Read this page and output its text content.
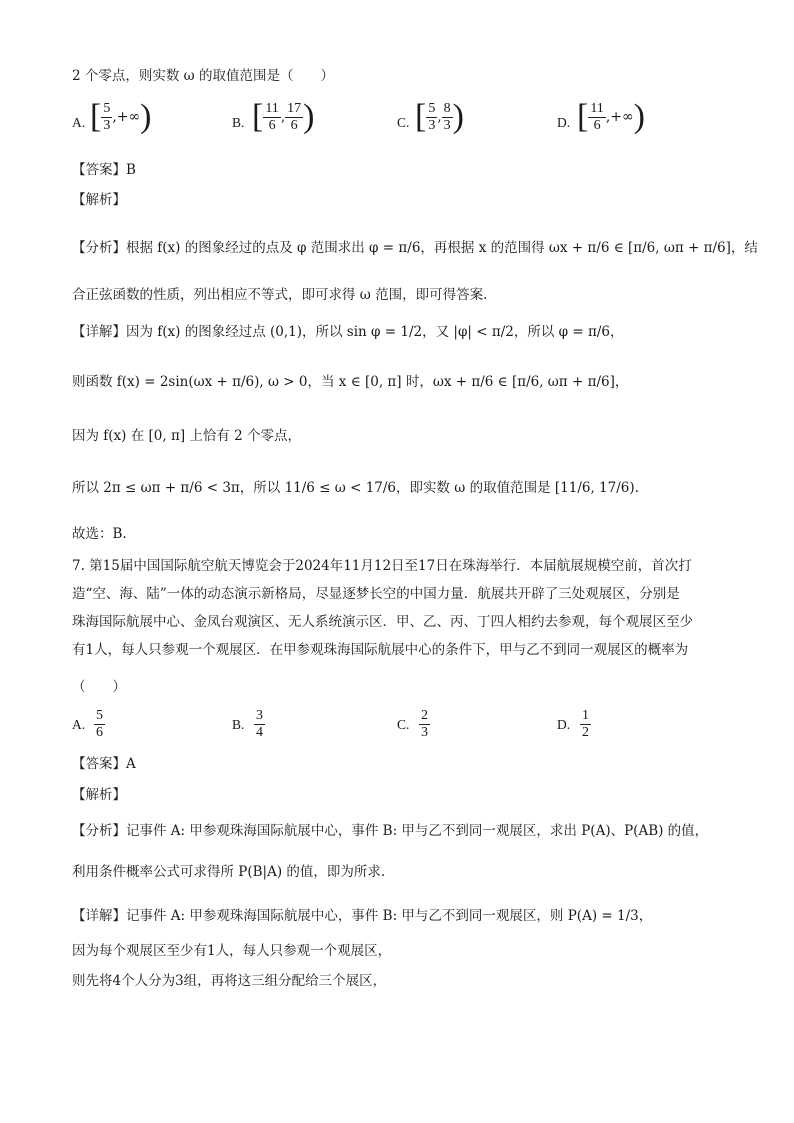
2 个零点，则实数 ω 的取值范围是（　　）
A. [ $\frac{5}{3}$ ,+∞)	B. [ $\frac{11}{6}$ , $\frac{17}{6}$ )	C. [ $\frac{5}{3}$ , $\frac{8}{3}$ )	D. [ $\frac{11}{6}$ ,+∞)
【答案】B
【解析】
【分析】根据 f(x) 的图象经过的点及 φ 范围求出 φ = π/6，再根据 x 的范围得 ωx + π/6 ∈ [π/6, ωπ + π/6]，结
合正弦函数的性质，列出相应不等式，即可求得 ω 范围，即可得答案.
【详解】因为 f(x) 的图象经过点 (0,1)，所以 sin φ = 1/2，又 |φ| < π/2，所以 φ = π/6，
则函数 f(x) = 2sin(ωx + π/6), ω > 0，当 x ∈ [0, π] 时，ωx + π/6 ∈ [π/6, ωπ + π/6]，
因为 f(x) 在 [0, π] 上恰有 2 个零点，
所以 2π ≤ ωπ + π/6 < 3π，所以 11/6 ≤ ω < 17/6，即实数 ω 的取值范围是 [11/6, 17/6).
故选：B.
7. 第15届中国国际航空航天博览会于2024年11月12日至17日在珠海举行．本届航展规模空前，首次打
造“空、海、陆”一体的动态演示新格局，尽显逐梦长空的中国力量．航展共开辟了三处观展区，分别是
珠海国际航展中心、金凤台观演区、无人系统演示区．甲、乙、丙、丁四人相约去参观，每个观展区至少
有1人，每人只参观一个观展区．在甲参观珠海国际航展中心的条件下，甲与乙不到同一观展区的概率为
（　　）
A. $\frac{5}{6}$	B. $\frac{3}{4}$	C. $\frac{2}{3}$	D. $\frac{1}{2}$
【答案】A
【解析】
【分析】记事件 A: 甲参观珠海国际航展中心，事件 B: 甲与乙不到同一观展区，求出 P(A)、P(AB) 的值，
利用条件概率公式可求得所 P(B|A) 的值，即为所求.
【详解】记事件 A: 甲参观珠海国际航展中心，事件 B: 甲与乙不到同一观展区，则 P(A) = 1/3，
因为每个观展区至少有1人，每人只参观一个观展区，
则先将4个人分为3组，再将这三组分配给三个展区，
